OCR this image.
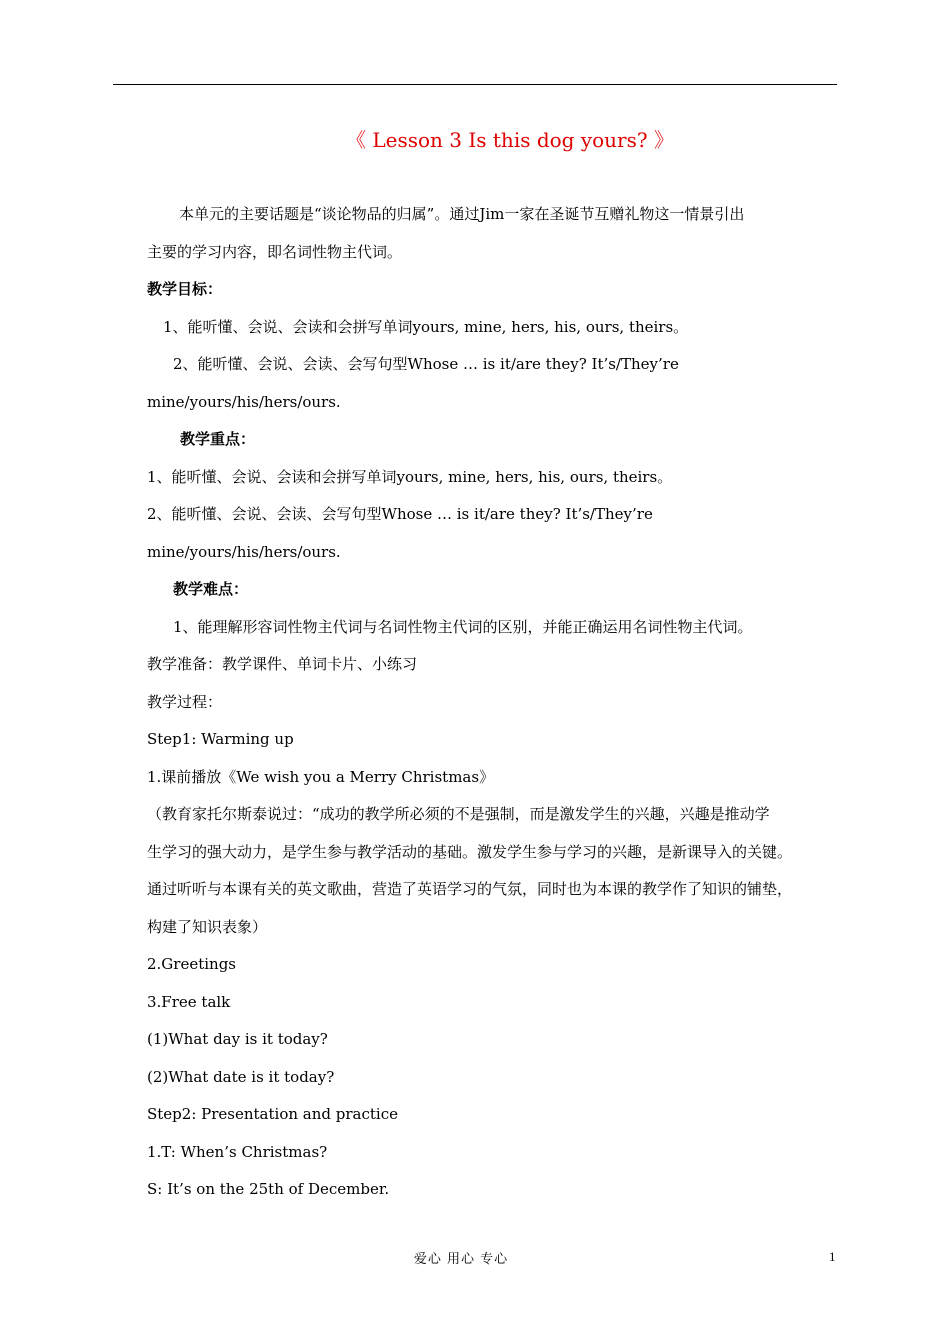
《 Lesson 3 Is this dog yours? 》
本单元的主要话题是“谈论物品的归属”。通过Jim一家在圣诞节互赠礼物这一情景引出
主要的学习内容，即名词性物主代词。
教学目标：
1、能听懂、会说、会读和会拼写单词yours, mine, hers, his, ours, theirs。
2、能听懂、会说、会读、会写句型Whose … is it/are they? It’s/They’re
mine/yours/his/hers/ours.
教学重点：
1、能听懂、会说、会读和会拼写单词yours, mine, hers, his, ours, theirs。
2、能听懂、会说、会读、会写句型Whose … is it/are they? It’s/They’re
mine/yours/his/hers/ours.
教学难点：
1、能理解形容词性物主代词与名词性物主代词的区别，并能正确运用名词性物主代词。
教学准备：教学课件、单词卡片、小练习
教学过程：
Step1: Warming up
1.课前播放《We wish you a Merry Christmas》
（教育家托尔斯泰说过：“成功的教学所必须的不是强制，而是激发学生的兴趣，兴趣是推动学
生学习的强大动力，是学生参与教学活动的基础。激发学生参与学习的兴趣，是新课导入的关键。
通过听听与本课有关的英文歌曲，营造了英语学习的气氛，同时也为本课的教学作了知识的铺垫，
构建了知识表象）
2.Greetings
3.Free talk
(1)What day is it today?
(2)What date is it today?
Step2: Presentation and practice
1.T: When’s Christmas?
S: It’s on the 25th of December.
爱心 用心 专心	1
